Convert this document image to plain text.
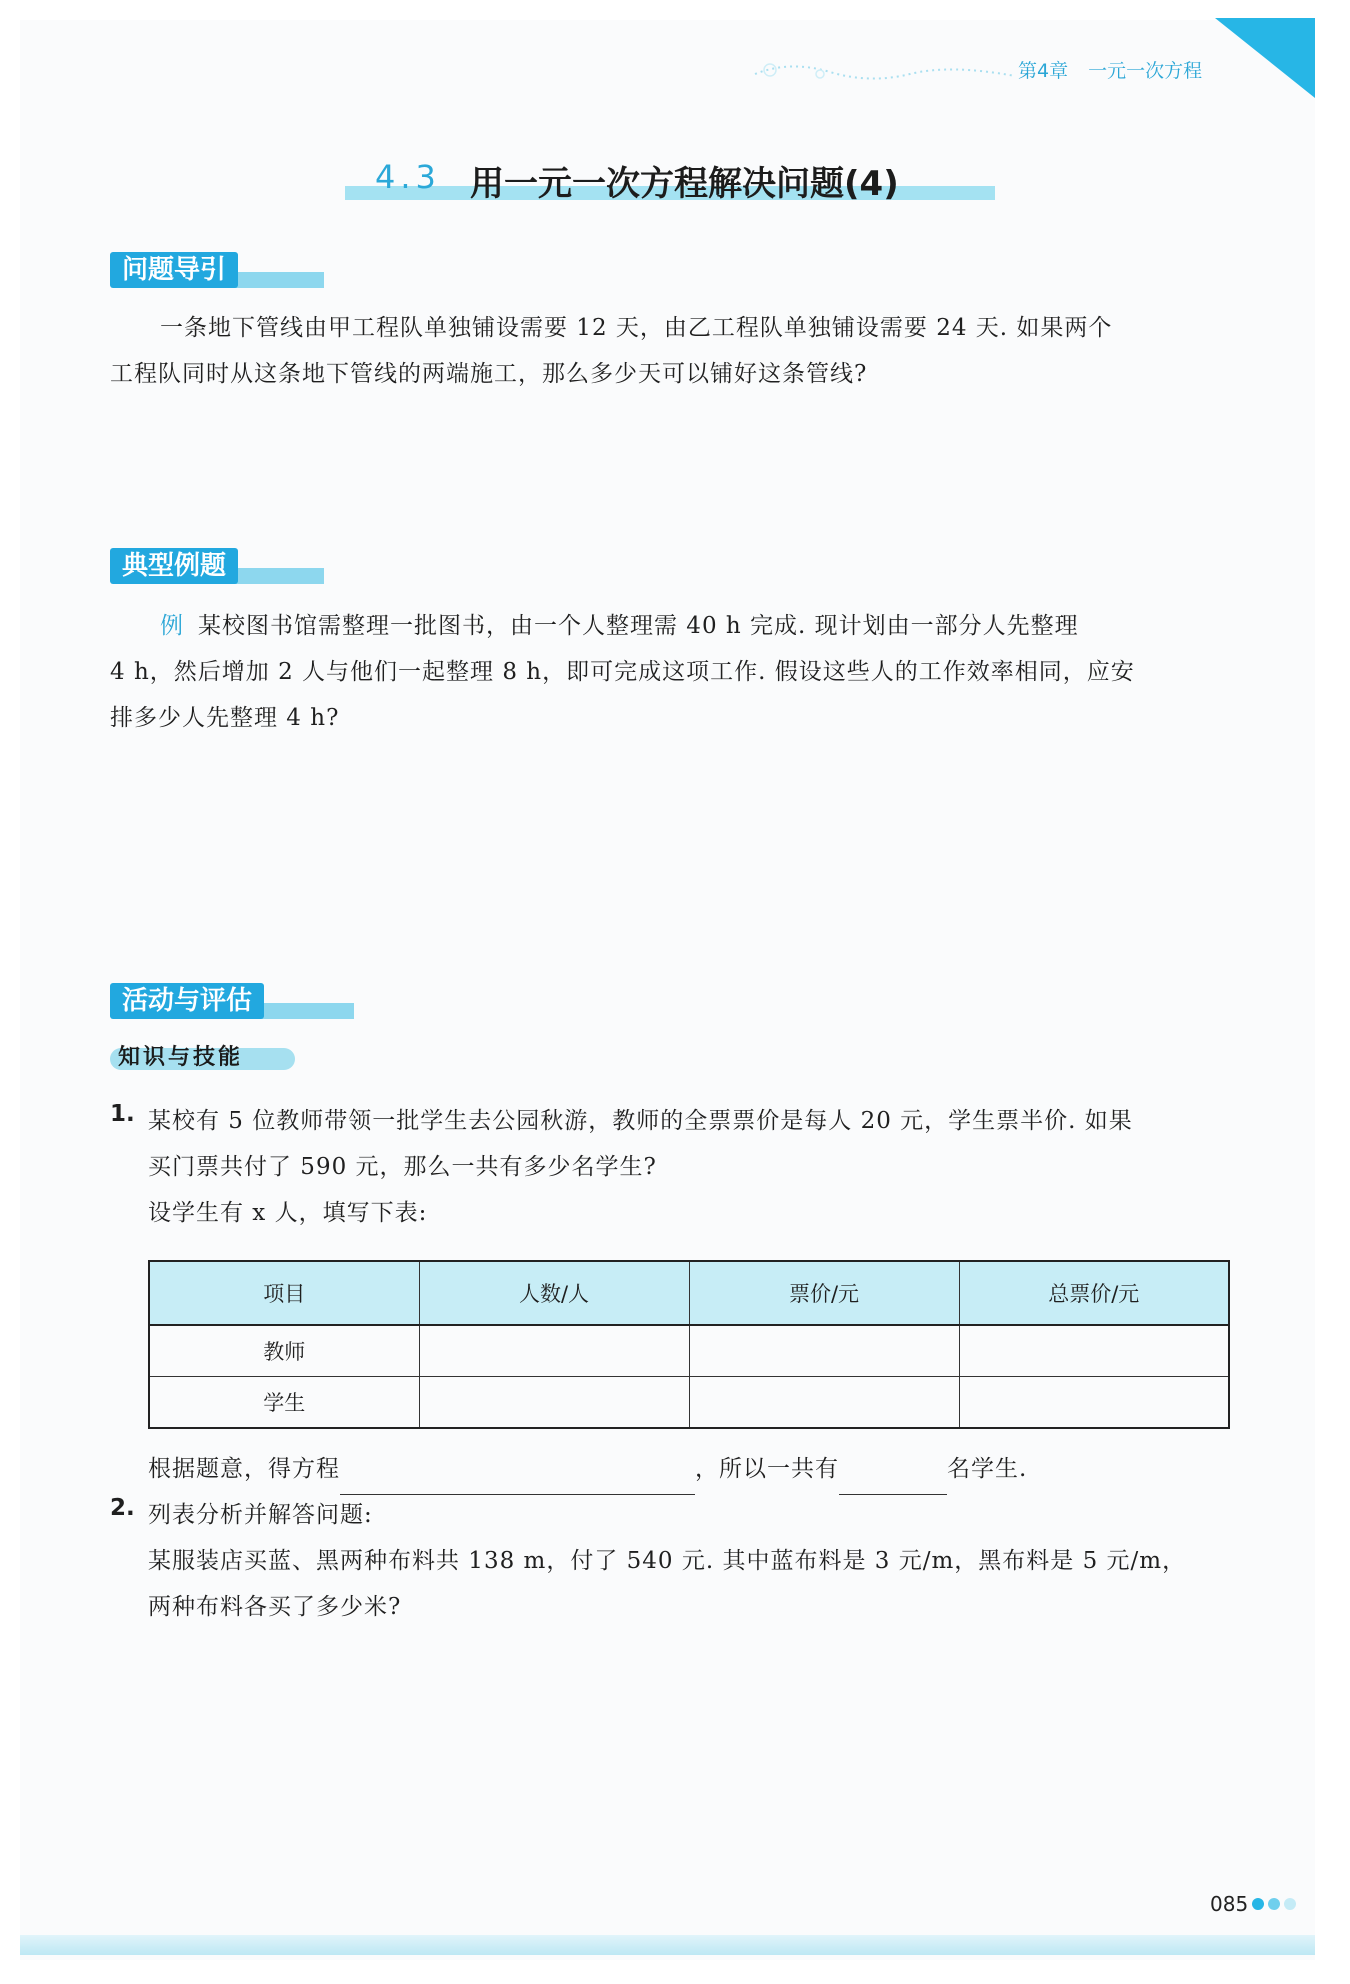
第4章 一元一次方程
4.3 用一元一次方程解决问题(4)
问题导引

一条地下管线由甲工程队单独铺设需要 12 天，由乙工程队单独铺设需要 24 天. 如果两个

工程队同时从这条地下管线的两端施工，那么多少天可以铺好这条管线?

典型例题

例 某校图书馆需整理一批图书，由一个人整理需 40 h 完成. 现计划由一部分人先整理

4 h，然后增加 2 人与他们一起整理 8 h，即可完成这项工作. 假设这些人的工作效率相同，应安

排多少人先整理 4 h?

活动与评估
知识与技能
1. 某校有 5 位教师带领一批学生去公园秋游，教师的全票票价是每人 20 元，学生票半价. 如果

买门票共付了 590 元，那么一共有多少名学生?

设学生有 x 人，填写下表:

项目	人数/人	票价/元	总票价/元
教师			
学生			

根据题意，得方程	，所以一共有	名学生.

2. 列表分析并解答问题:

某服装店买蓝、黑两种布料共 138 m，付了 540 元. 其中蓝布料是 3 元/m，黑布料是 5 元/m，

两种布料各买了多少米?

085
